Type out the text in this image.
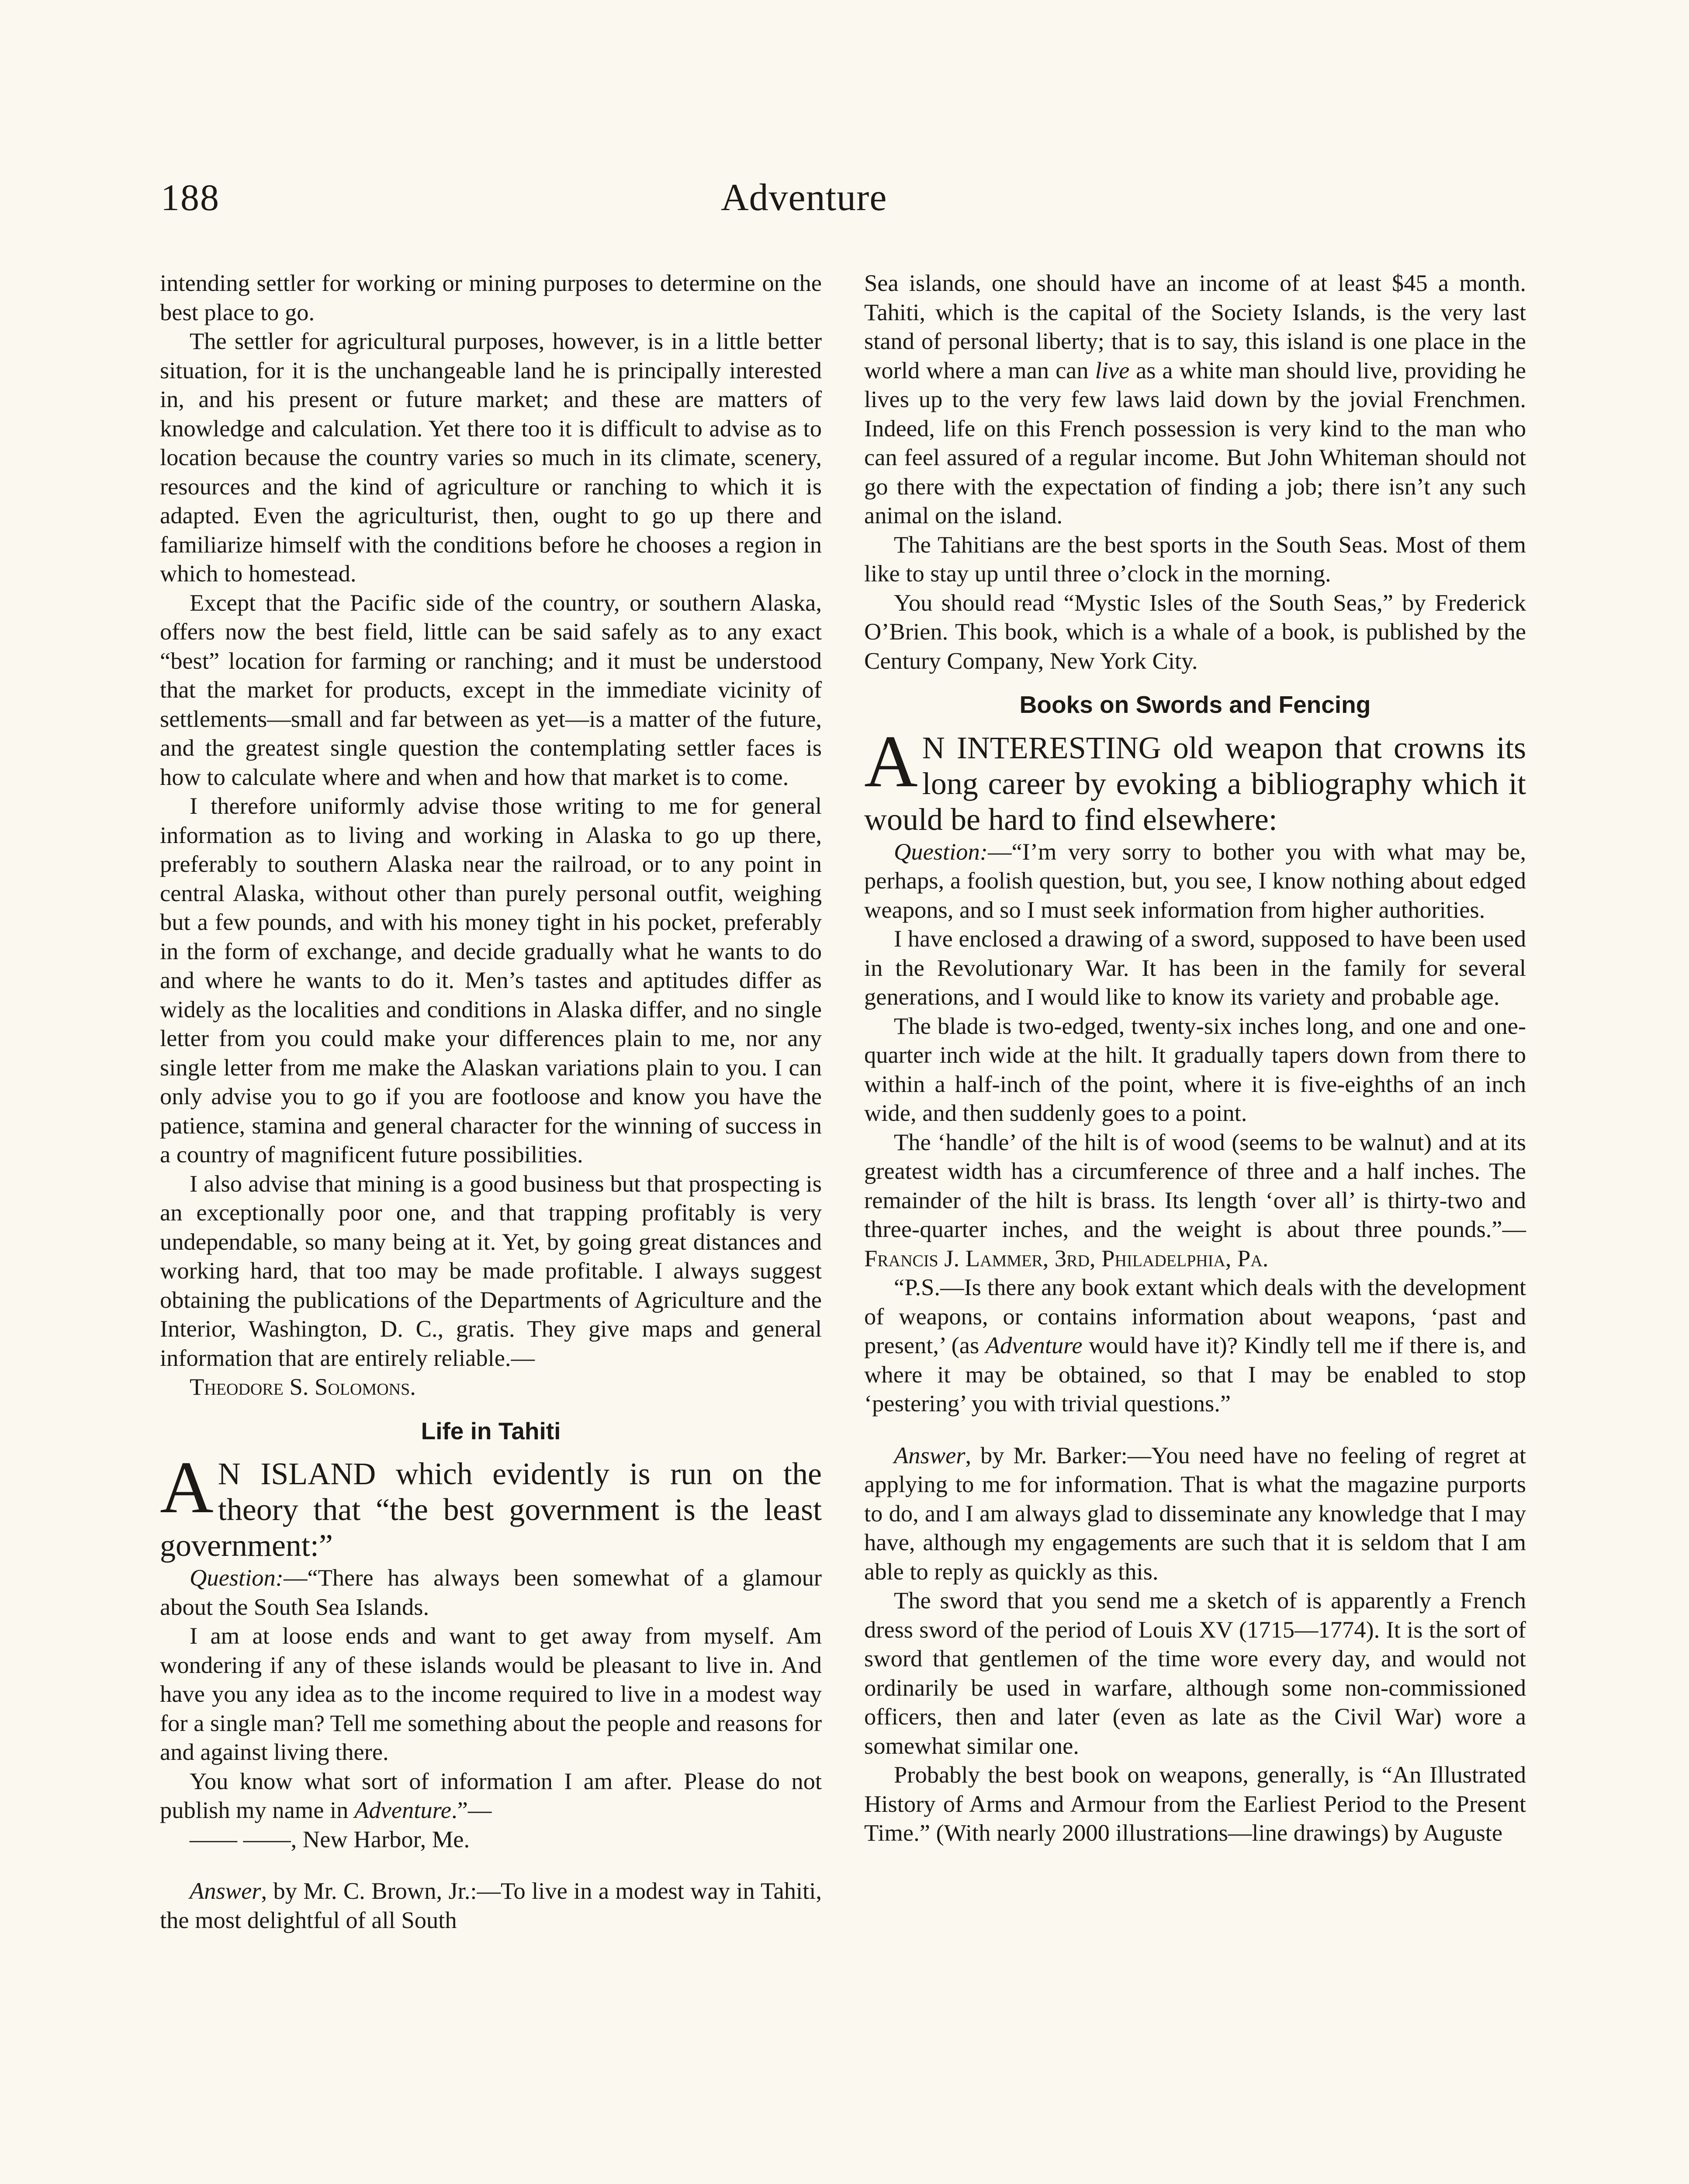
188	Adventure

intending settler for working or mining purposes to determine on the best place to go.

The settler for agricultural purposes, however, is in a little better situation, for it is the unchangeable land he is principally interested in, and his present or future market; and these are matters of knowledge and calculation. Yet there too it is difficult to advise as to location because the country varies so much in its climate, scenery, resources and the kind of agriculture or ranching to which it is adapted. Even the agriculturist, then, ought to go up there and familiarize himself with the conditions before he chooses a region in which to homestead.

Except that the Pacific side of the country, or southern Alaska, offers now the best field, little can be said safely as to any exact “best” location for farming or ranching; and it must be understood that the market for products, except in the immediate vicinity of settlements—small and far between as yet—is a matter of the future, and the greatest single question the contemplating settler faces is how to calculate where and when and how that market is to come.

I therefore uniformly advise those writing to me for general information as to living and working in Alaska to go up there, preferably to southern Alaska near the railroad, or to any point in central Alaska, without other than purely personal outfit, weighing but a few pounds, and with his money tight in his pocket, preferably in the form of exchange, and decide gradually what he wants to do and where he wants to do it. Men’s tastes and aptitudes differ as widely as the localities and conditions in Alaska differ, and no single letter from you could make your differences plain to me, nor any single letter from me make the Alaskan variations plain to you. I can only advise you to go if you are footloose and know you have the patience, stamina and general character for the winning of success in a country of magnificent future possibilities.

I also advise that mining is a good business but that prospecting is an exceptionally poor one, and that trapping profitably is very undependable, so many being at it. Yet, by going great distances and working hard, that too may be made profitable. I always suggest obtaining the publications of the Departments of Agriculture and the Interior, Washington, D. C., gratis. They give maps and general information that are entirely reliable.—

Theodore S. Solomons.

Life in Tahiti

A N ISLAND which evidently is run on the theory that “the best government is the least government:”

Question:—“There has always been somewhat of a glamour about the South Sea Islands.

I am at loose ends and want to get away from myself. Am wondering if any of these islands would be pleasant to live in. And have you any idea as to the income required to live in a modest way for a single man? Tell me something about the people and reasons for and against living there.

You know what sort of information I am after. Please do not publish my name in Adventure.”—

—— ——, New Harbor, Me.

Answer, by Mr. C. Brown, Jr.:—To live in a modest way in Tahiti, the most delightful of all South

Sea islands, one should have an income of at least $45 a month. Tahiti, which is the capital of the Society Islands, is the very last stand of personal liberty; that is to say, this island is one place in the world where a man can live as a white man should live, providing he lives up to the very few laws laid down by the jovial Frenchmen. Indeed, life on this French possession is very kind to the man who can feel assured of a regular income. But John Whiteman should not go there with the expectation of finding a job; there isn’t any such animal on the island.

The Tahitians are the best sports in the South Seas. Most of them like to stay up until three o’clock in the morning.

You should read “Mystic Isles of the South Seas,” by Frederick O’Brien. This book, which is a whale of a book, is published by the Century Company, New York City.

Books on Swords and Fencing

A N INTERESTING old weapon that crowns its long career by evoking a bibliography which it would be hard to find elsewhere:

Question:—“I’m very sorry to bother you with what may be, perhaps, a foolish question, but, you see, I know nothing about edged weapons, and so I must seek information from higher authorities.

I have enclosed a drawing of a sword, supposed to have been used in the Revolutionary War. It has been in the family for several generations, and I would like to know its variety and probable age.

The blade is two-edged, twenty-six inches long, and one and one-quarter inch wide at the hilt. It gradually tapers down from there to within a half-inch of the point, where it is five-eighths of an inch wide, and then suddenly goes to a point.

The ‘handle’ of the hilt is of wood (seems to be walnut) and at its greatest width has a circumference of three and a half inches. The remainder of the hilt is brass. Its length ‘over all’ is thirty-two and three-quarter inches, and the weight is about three pounds.”—Francis J. Lammer, 3rd, Philadelphia, Pa.

“P.S.—Is there any book extant which deals with the development of weapons, or contains information about weapons, ‘past and present,’ (as Adventure would have it)? Kindly tell me if there is, and where it may be obtained, so that I may be enabled to stop ‘pestering’ you with trivial questions.”

Answer, by Mr. Barker:—You need have no feeling of regret at applying to me for information. That is what the magazine purports to do, and I am always glad to disseminate any knowledge that I may have, although my engagements are such that it is seldom that I am able to reply as quickly as this.

The sword that you send me a sketch of is apparently a French dress sword of the period of Louis XV (1715—1774). It is the sort of sword that gentlemen of the time wore every day, and would not ordinarily be used in warfare, although some non-commissioned officers, then and later (even as late as the Civil War) wore a somewhat similar one.

Probably the best book on weapons, generally, is “An Illustrated History of Arms and Armour from the Earliest Period to the Present Time.” (With nearly 2000 illustrations—line drawings) by Auguste
